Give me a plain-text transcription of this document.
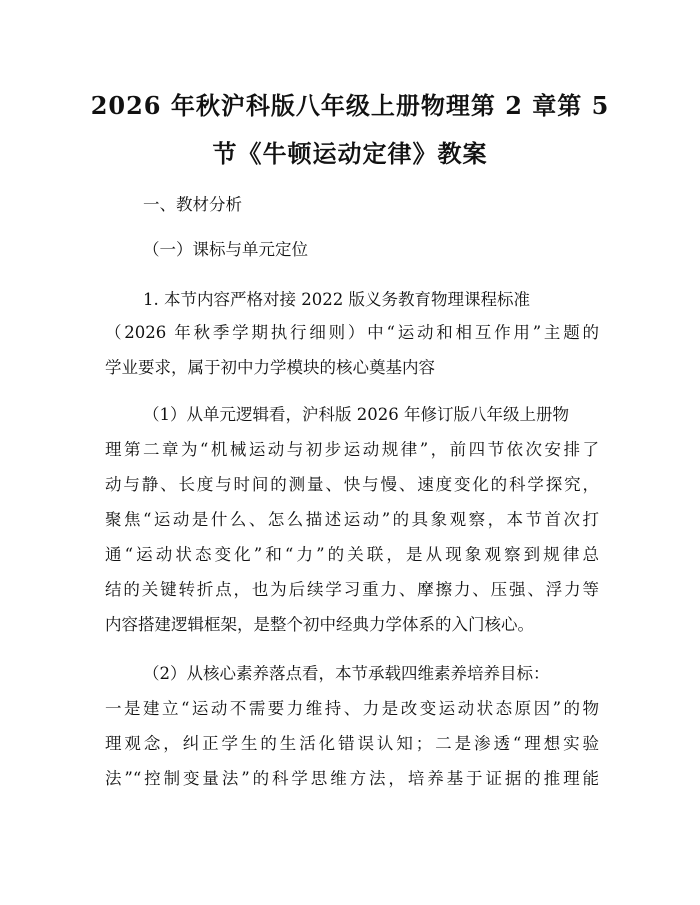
2026 年秋沪科版八年级上册物理第 2 章第 5
节《牛顿运动定律》教案
一、教材分析
（一）课标与单元定位
1. 本节内容严格对接 2022 版义务教育物理课程标准
（2026 年秋季学期执行细则）中“运动和相互作用”主题的
学业要求，属于初中力学模块的核心奠基内容
（1）从单元逻辑看，沪科版 2026 年修订版八年级上册物
理第二章为“机械运动与初步运动规律”，前四节依次安排了
动与静、长度与时间的测量、快与慢、速度变化的科学探究，
聚焦“运动是什么、怎么描述运动”的具象观察，本节首次打
通“运动状态变化”和“力”的关联，是从现象观察到规律总
结的关键转折点，也为后续学习重力、摩擦力、压强、浮力等
内容搭建逻辑框架，是整个初中经典力学体系的入门核心。
（2）从核心素养落点看，本节承载四维素养培养目标：
一是建立“运动不需要力维持、力是改变运动状态原因”的物
理观念，纠正学生的生活化错误认知；二是渗透“理想实验
法”“控制变量法”的科学思维方法，培养基于证据的推理能
